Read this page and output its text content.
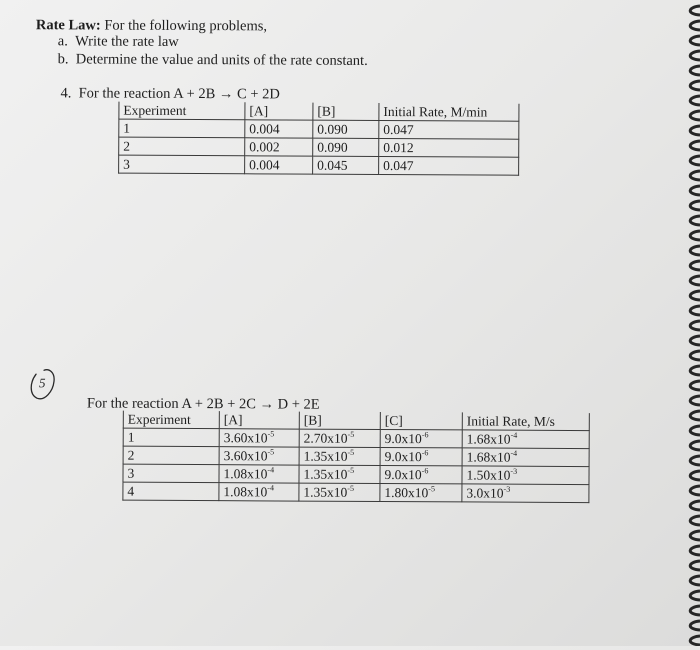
Rate Law: For the following problems,
a. Write the rate law
b. Determine the value and units of the rate constant.
4. For the reaction A + 2B → C + 2D
Experiment	[A]	[B]	Initial Rate, M/min
1	0.004	0.090	0.047
2	0.002	0.090	0.012
3	0.004	0.045	0.047
5
For the reaction A + 2B + 2C → D + 2E
Experiment	[A]	[B]	[C]	Initial Rate, M/s
1	$3.60x10^{-5}$	$2.70x10^{-5}$	$9.0x10^{-6}$	$1.68x10^{-4}$
2	$3.60x10^{-5}$	$1.35x10^{-5}$	$9.0x10^{-6}$	$1.68x10^{-4}$
3	$1.08x10^{-4}$	$1.35x10^{-5}$	$9.0x10^{-6}$	$1.50x10^{-3}$
4	$1.08x10^{-4}$	$1.35x10^{-5}$	$1.80x10^{-5}$	$3.0x10^{-3}$
